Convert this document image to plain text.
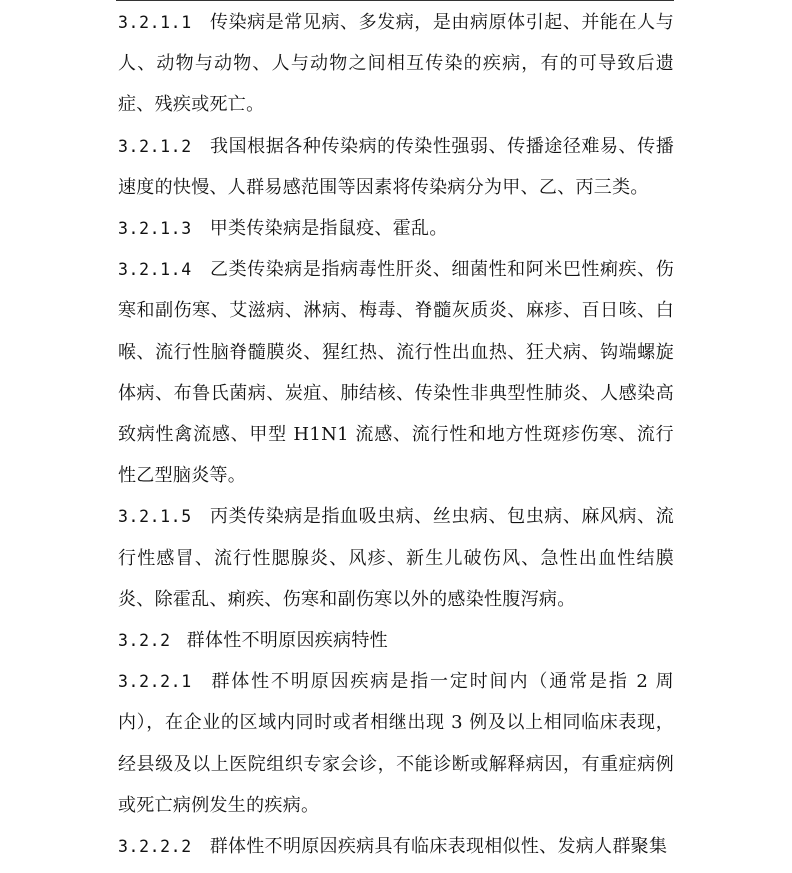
3.2.1.1 传染病是常见病、多发病，是由病原体引起、并能在人与人、动物与动物、人与动物之间相互传染的疾病，有的可导致后遗症、残疾或死亡。

3.2.1.2 我国根据各种传染病的传染性强弱、传播途径难易、传播速度的快慢、人群易感范围等因素将传染病分为甲、乙、丙三类。

3.2.1.3 甲类传染病是指鼠疫、霍乱。

3.2.1.4 乙类传染病是指病毒性肝炎、细菌性和阿米巴性痢疾、伤寒和副伤寒、艾滋病、淋病、梅毒、脊髓灰质炎、麻疹、百日咳、白喉、流行性脑脊髓膜炎、猩红热、流行性出血热、狂犬病、钩端螺旋体病、布鲁氏菌病、炭疽、肺结核、传染性非典型性肺炎、人感染高致病性禽流感、甲型 H1N1 流感、流行性和地方性斑疹伤寒、流行性乙型脑炎等。

3.2.1.5 丙类传染病是指血吸虫病、丝虫病、包虫病、麻风病、流行性感冒、流行性腮腺炎、风疹、新生儿破伤风、急性出血性结膜炎、除霍乱、痢疾、伤寒和副伤寒以外的感染性腹泻病。

3.2.2 群体性不明原因疾病特性

3.2.2.1 群体性不明原因疾病是指一定时间内（通常是指 2 周内），在企业的区域内同时或者相继出现 3 例及以上相同临床表现，经县级及以上医院组织专家会诊，不能诊断或解释病因，有重症病例或死亡病例发生的疾病。

3.2.2.2 群体性不明原因疾病具有临床表现相似性、发病人群聚集
